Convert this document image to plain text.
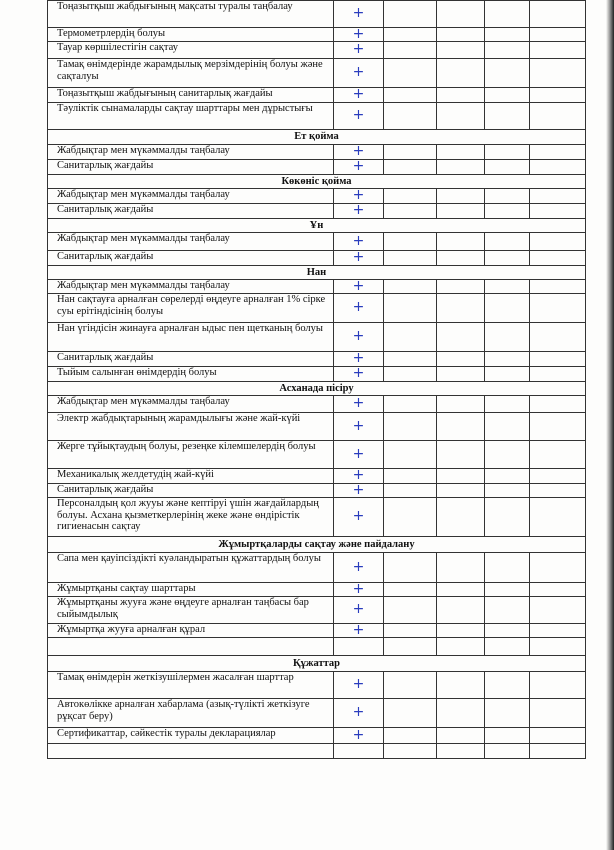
Тоңазытқыш жабдығының мақсаты туралы таңбалау	+				
Термометрлердің болуы	+				
Тауар көршілестігін сақтау	+				
Тамақ өнімдерінде жарамдылық мерзімдерінің болуы және сақталуы	+				
Тоңазытқыш жабдығының санитарлық жағдайы	+				
Тәуліктік сынамаларды сақтау шарттары мен дұрыстығы	+				
Ет қойма					
Жабдықтар мен мүкәммалды таңбалау	+				
Санитарлық жағдайы	+				
Көкөніс қойма					
Жабдықтар мен мүкәммалды таңбалау	+				
Санитарлық жағдайы	+				
Ұн					
Жабдықтар мен мүкәммалды таңбалау	+				
Санитарлық жағдайы	+				
Нан					
Жабдықтар мен мүкәммалды таңбалау	+				
Нан сақтауға арналған сөрелерді өңдеуге арналған 1% сірке суы ерітіндісінің болуы	+				
Нан үгіндісін жинауға арналған ыдыс пен щетканың болуы	+				
Санитарлық жағдайы	+				
Тыйым салынған өнімдердің болуы	+				
Асханада пісіру					
Жабдықтар мен мүкәммалды таңбалау	+				
Электр жабдықтарының жарамдылығы және жай-күйі	+				
Жерге тұйықтаудың болуы, резеңке кілемшелердің болуы	+				
Механикалық желдетудің жай-күйі	+				
Санитарлық жағдайы	+				
Персоналдың қол жууы және кептіруі үшін жағдайлардың болуы. Асхана қызметкерлерінің жеке және өндірістік гигиенасын сақтау	+				
Жұмыртқаларды сақтау және пайдалану					
Сапа мен қауіпсіздікті куәландыратын құжаттардың болуы	+				
Жұмыртқаны сақтау шарттары	+				
Жұмыртқаны жууға және өңдеуге арналған таңбасы бар сыйымдылық	+				
Жұмыртқа жууға арналған құрал	+				

Құжаттар					
Тамақ өнімдерін жеткізушілермен жасалған шарттар	+				
Автокөлікке арналған хабарлама (азық-түлікті жеткізуге рұқсат беру)	+				
Сертификаттар, сәйкестік туралы декларациялар	+				
